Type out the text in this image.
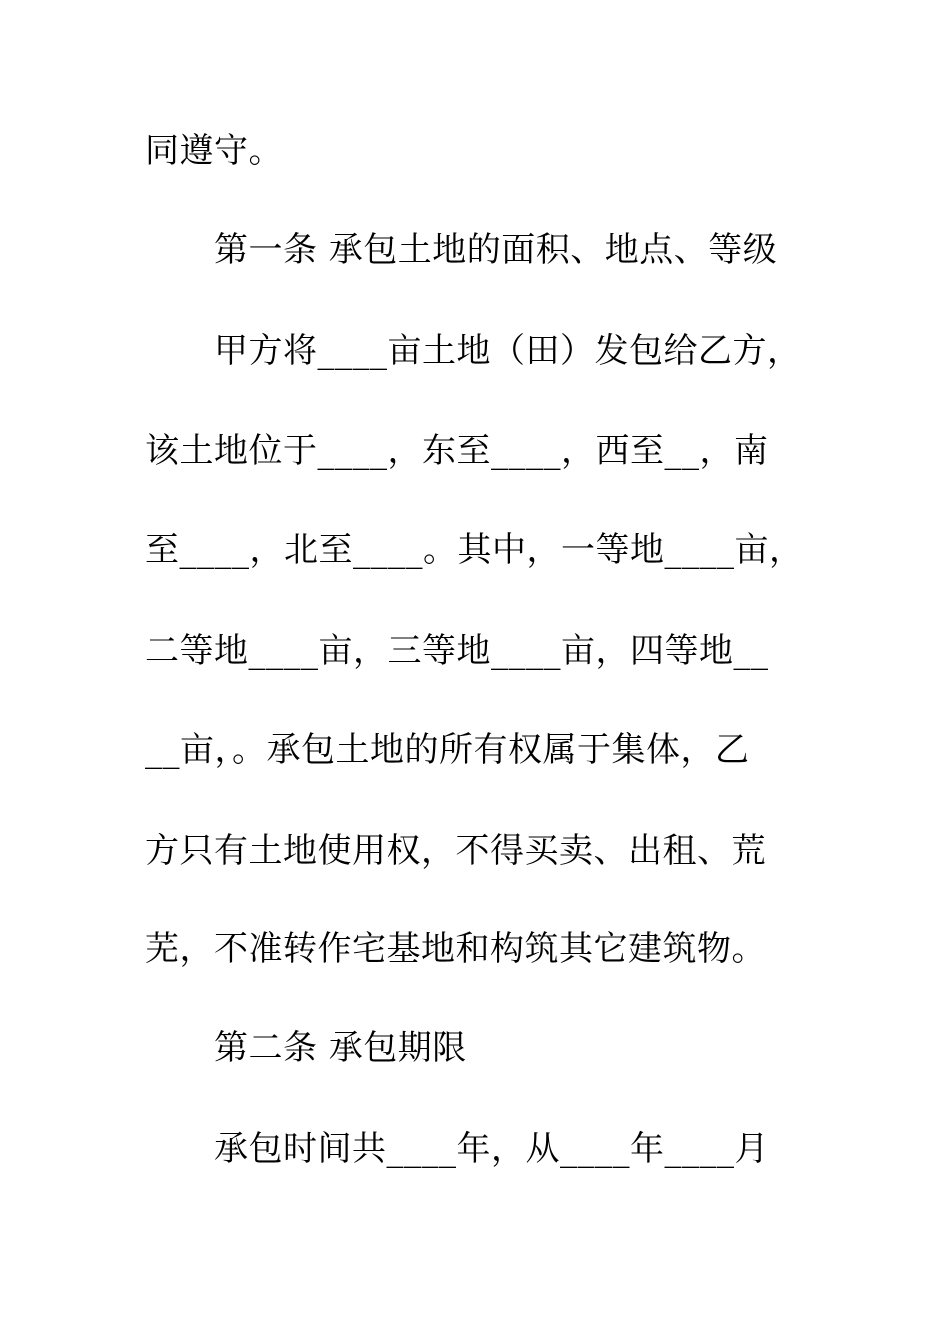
同遵守。
第一条 承包土地的面积、地点、等级
甲方将____亩土地（田）发包给乙方，
该土地位于____，东至____，西至__，南
至____，北至____。其中，一等地____亩，
二等地____亩，三等地____亩，四等地__
__亩，。承包土地的所有权属于集体，乙
方只有土地使用权，不得买卖、出租、荒
芜，不准转作宅基地和构筑其它建筑物。
第二条 承包期限
承包时间共____年，从____年____月
